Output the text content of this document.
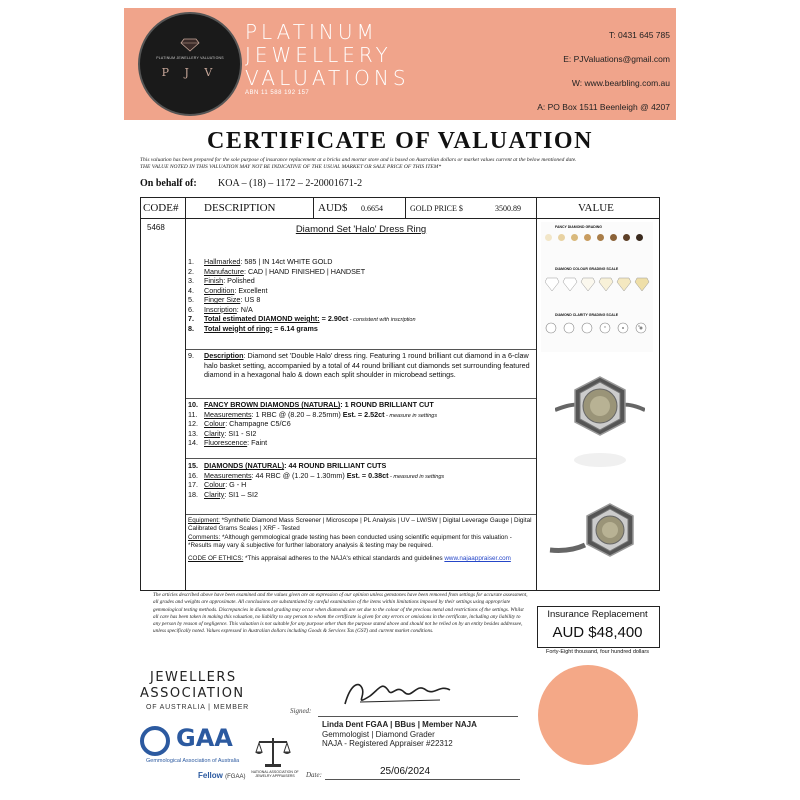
PLATINUM JEWELLERY VALUATIONS
P J V
PLATINUM
JEWELLERY
VALUATIONS
ABN 11 588 192 157
T: 0431 645 785
E: PJValuations@gmail.com
W: www.bearbling.com.au
A: PO Box 1511 Beenleigh @ 4207
CERTIFICATE OF VALUATION
This valuation has been prepared for the sole purpose of insurance replacement at a bricks and mortar store and is based on Australian dollars or market values current at the below mentioned date.
THE VALUE NOTED IN THIS VALUATION MAY NOT BE INDICATIVE OF THE USUAL MARKET OR SALE PRICE OF THIS ITEM*
On behalf of: KOA – (18) – 1172 – 2-20001671-2
CODE# DESCRIPTION	AUD$ 0.6654	GOLD PRICE $	3500.89	VALUE
5468	Diamond Set 'Halo' Dress Ring
1. Hallmarked: 585 | IN 14ct WHITE GOLD
2. Manufacture: CAD | HAND FINISHED | HANDSET
3. Finish: Polished
4. Condition: Excellent
5. Finger Size: US 8
6. Inscription: N/A
7. Total estimated DIAMOND weight: = 2.90ct - consistent with inscription
8. Total weight of ring: = 6.14 grams
9.	Description: Diamond set 'Double Halo' dress ring. Featuring 1 round brilliant cut diamond in a 6-claw halo basket setting, accompanied by a total of 44 round brilliant cut diamonds set surrounding featured diamond in a hexagonal halo & down each split shoulder in microbead settings.
10. FANCY BROWN DIAMONDS (NATURAL): 1 ROUND BRILLIANT CUT
11. Measurements: 1 RBC @ (8.20 – 8.25mm) Est. = 2.52ct - measure in settings
12. Colour: Champagne C5/C6
13. Clarity: SI1 - SI2
14. Fluorescence: Faint
15. DIAMONDS (NATURAL): 44 ROUND BRILLIANT CUTS
16. Measurements: 44 RBC @ (1.20 – 1.30mm) Est. = 0.38ct - measured in settings
17. Colour: G - H
18. Clarity: SI1 – SI2
Equipment: *Synthetic Diamond Mass Screener | Microscope | PL Analysis | UV – LW/SW | Digital Leverage Gauge | Digital Calibrated Grams Scales | XRF - Tested
Comments: *Although gemmological grade testing has been conducted using scientific equipment for this valuation - *Results may vary & subjective for further laboratory analysis & testing may be required.
CODE OF ETHICS: *This appraisal adheres to the NAJA's ethical standards and guidelines www.najaappraiser.com
FANCY DIAMOND GRADING
DIAMOND COLOUR GRADING SCALE
DIAMOND CLARITY GRADING SCALE
The articles described above have been examined and the values given are an expression of our opinion unless gemstones have been removed from settings for accurate assessment, all grades and weights are approximate. All conclusions are substantiated by careful examination of the items within limitations imposed by their settings using appropriate gemmological testing methods. Discrepancies in diamond grading may occur when diamonds are set due to the colour of the precious metal and restrictions of the settings. Whilst all care has been taken in making this valuation, no liability to any person to whom the certificate is given for any errors or omissions in the certificate, including any liability to any person by reason of negligence. This valuation is not suitable for any purpose other than the purpose stated above and should not be relied on by an entity besides addressee, unless specifically noted. Values expressed in Australian dollars including Goods & Services Tax (GST) and current market conditions.
Insurance Replacement
AUD $48,400
Forty-Eight thousand, four hundred dollars
JEWELLERS
ASSOCIATION
OF AUSTRALIA | MEMBER
GAA
Gemmological Association of Australia
Fellow (FGAA)
NATIONAL ASSOCIATION OF JEWELRY APPRAISERS
Signed:
Linda Dent FGAA | BBus | Member NAJA
Gemmologist | Diamond Grader
NAJA - Registered Appraiser #22312
Date:	25/06/2024
